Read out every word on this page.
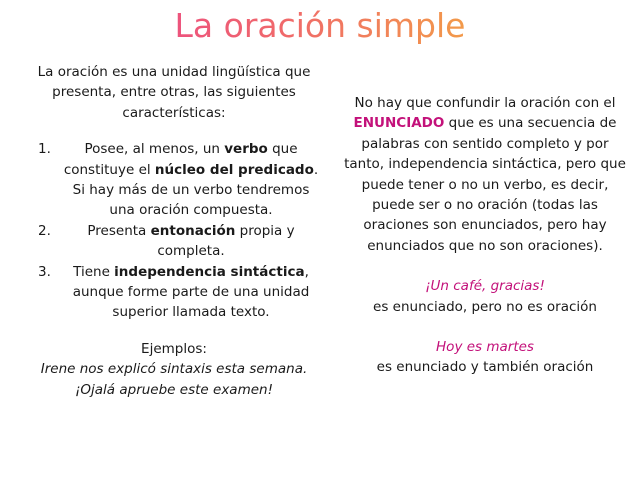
La oración simple

La oración es una unidad lingüística que presenta, entre otras, las siguientes características:

1. Posee, al menos, un verbo que constituye el núcleo del predicado. Si hay más de un verbo tendremos una oración compuesta.
2.	Presenta entonación propia y completa.
3. Tiene independencia sintáctica, aunque forme parte de una unidad superior llamada texto.
Ejemplos:
Irene nos explicó sintaxis esta semana.
¡Ojalá apruebe este examen!

No hay que confundir la oración con el ENUNCIADO que es una secuencia de palabras con sentido completo y por tanto, independencia sintáctica, pero que puede tener o no un verbo, es decir, puede ser o no oración (todas las oraciones son enunciados, pero hay enunciados que no son oraciones).

¡Un café, gracias!
es enunciado, pero no es oración
Hoy es martes
es enunciado y también oración
